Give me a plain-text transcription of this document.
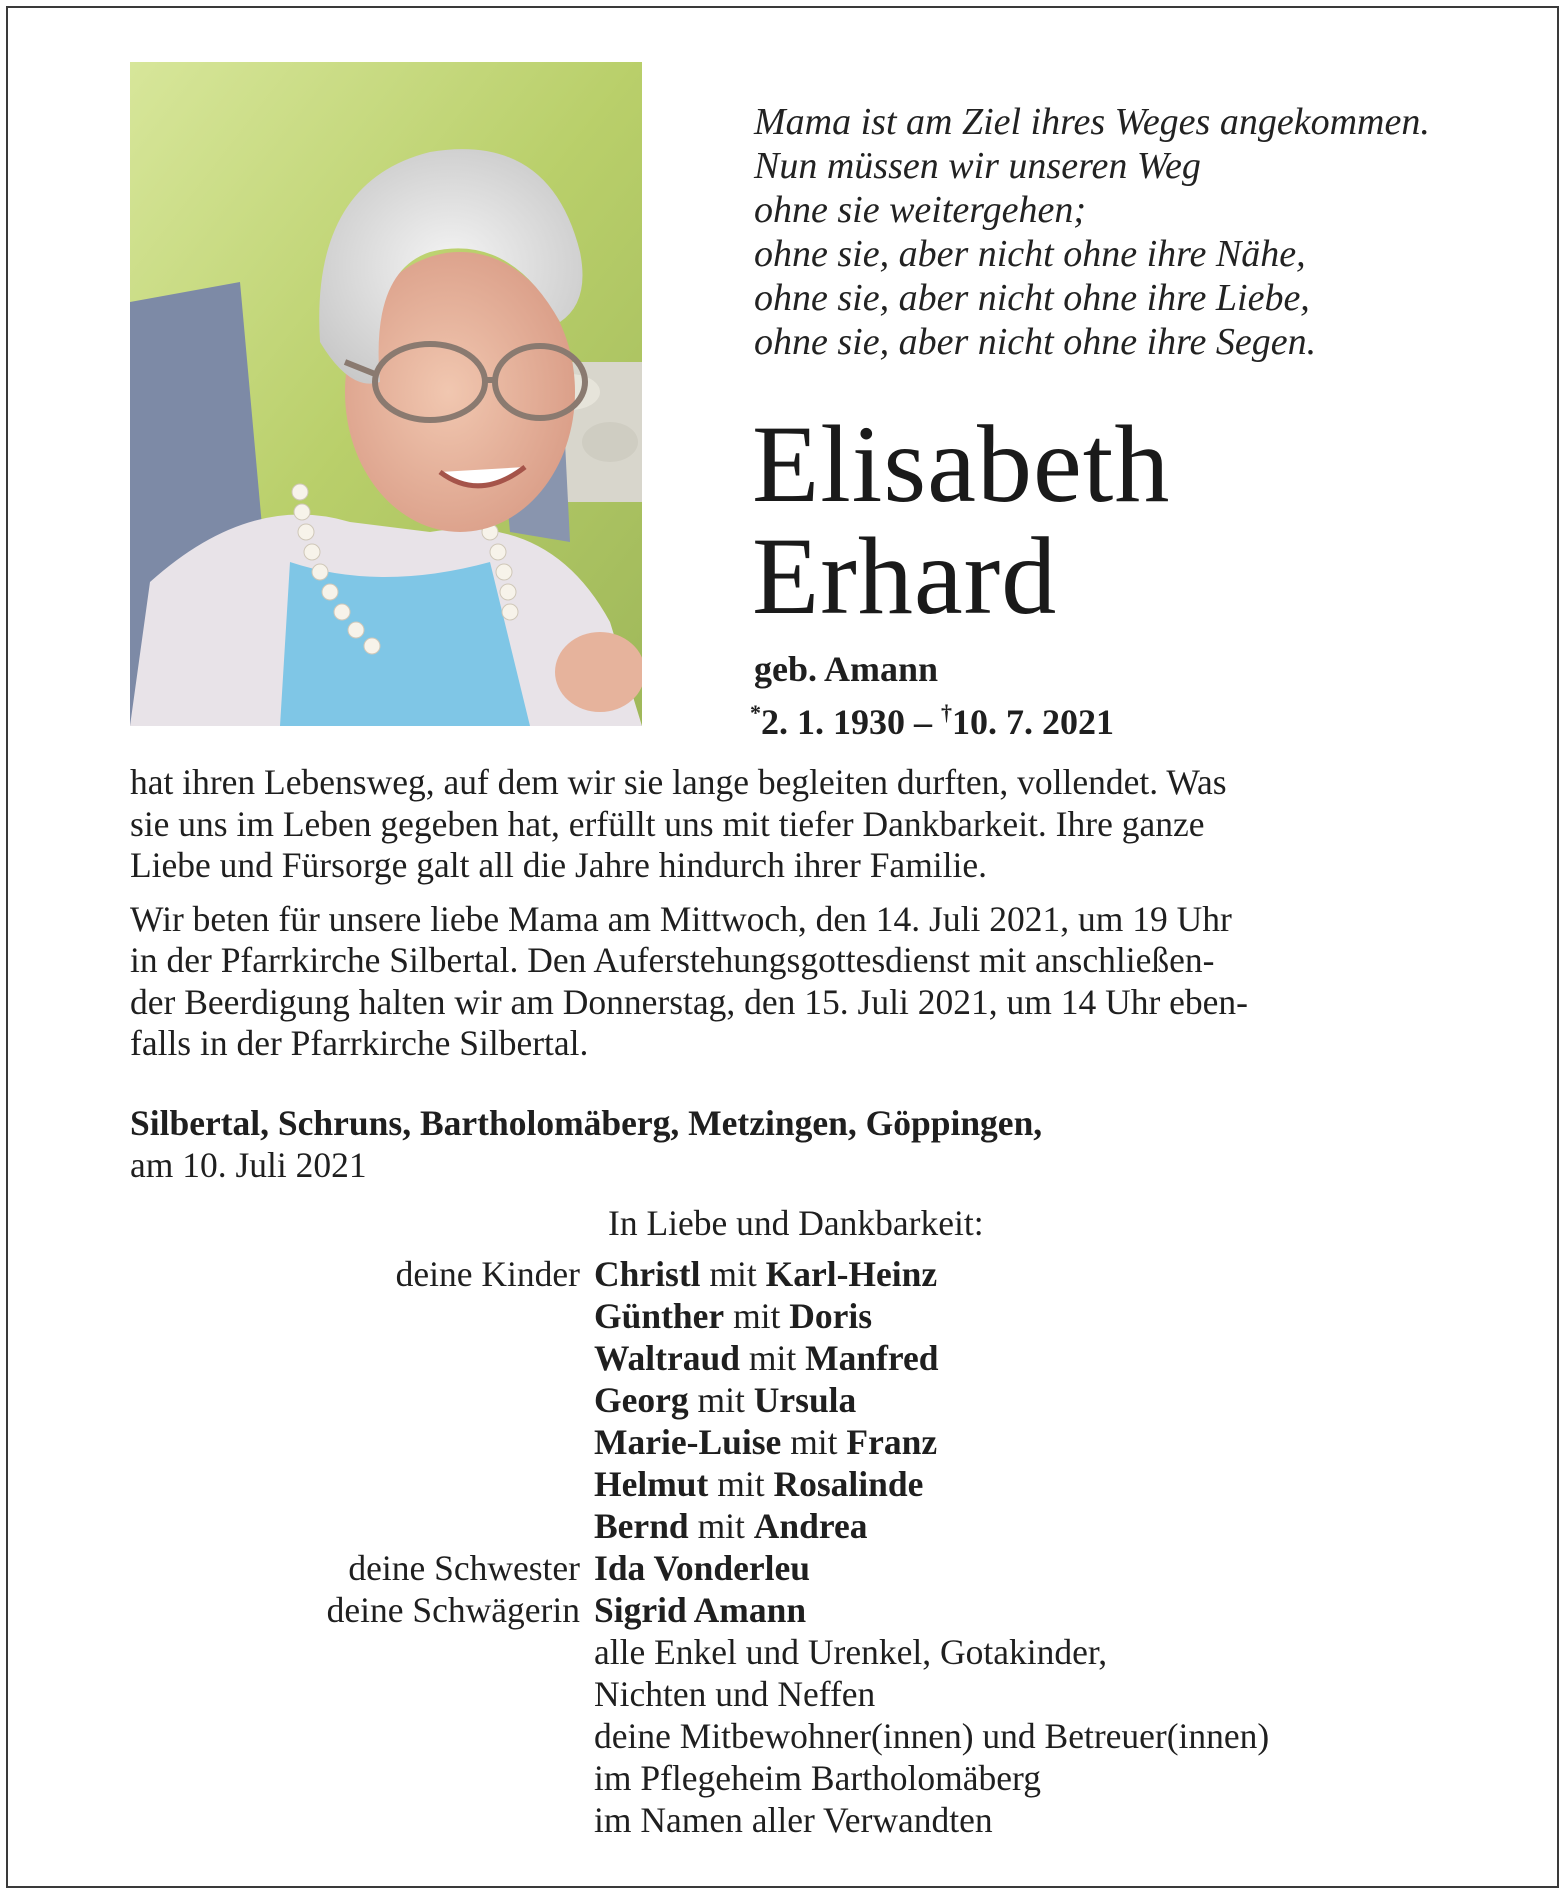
Mama ist am Ziel ihres Weges angekommen.
Nun müssen wir unseren Weg
ohne sie weitergehen;
ohne sie, aber nicht ohne ihre Nähe,
ohne sie, aber nicht ohne ihre Liebe,
ohne sie, aber nicht ohne ihre Segen.
Elisabeth
Erhard
geb. Amann
*2. 1. 1930 – †10. 7. 2021
hat ihren Lebensweg, auf dem wir sie lange begleiten durften, vollendet. Was
sie uns im Leben gegeben hat, erfüllt uns mit tiefer Dankbarkeit. Ihre ganze
Liebe und Fürsorge galt all die Jahre hindurch ihrer Familie.
Wir beten für unsere liebe Mama am Mittwoch, den 14. Juli 2021, um 19 Uhr
in der Pfarrkirche Silbertal. Den Auferstehungsgottesdienst mit anschließen-
der Beerdigung halten wir am Donnerstag, den 15. Juli 2021, um 14 Uhr eben-
falls in der Pfarrkirche Silbertal.
Silbertal, Schruns, Bartholomäberg, Metzingen, Göppingen,
am 10. Juli 2021
In Liebe und Dankbarkeit:
deine Kinder Christl mit Karl-Heinz
Günther mit Doris
Waltraud mit Manfred
Georg mit Ursula
Marie-Luise mit Franz
Helmut mit Rosalinde
Bernd mit Andrea
deine Schwester Ida Vonderleu
deine Schwägerin Sigrid Amann
alle Enkel und Urenkel, Gotakinder,
Nichten und Neffen
deine Mitbewohner(innen) und Betreuer(innen)
im Pflegeheim Bartholomäberg
im Namen aller Verwandten
